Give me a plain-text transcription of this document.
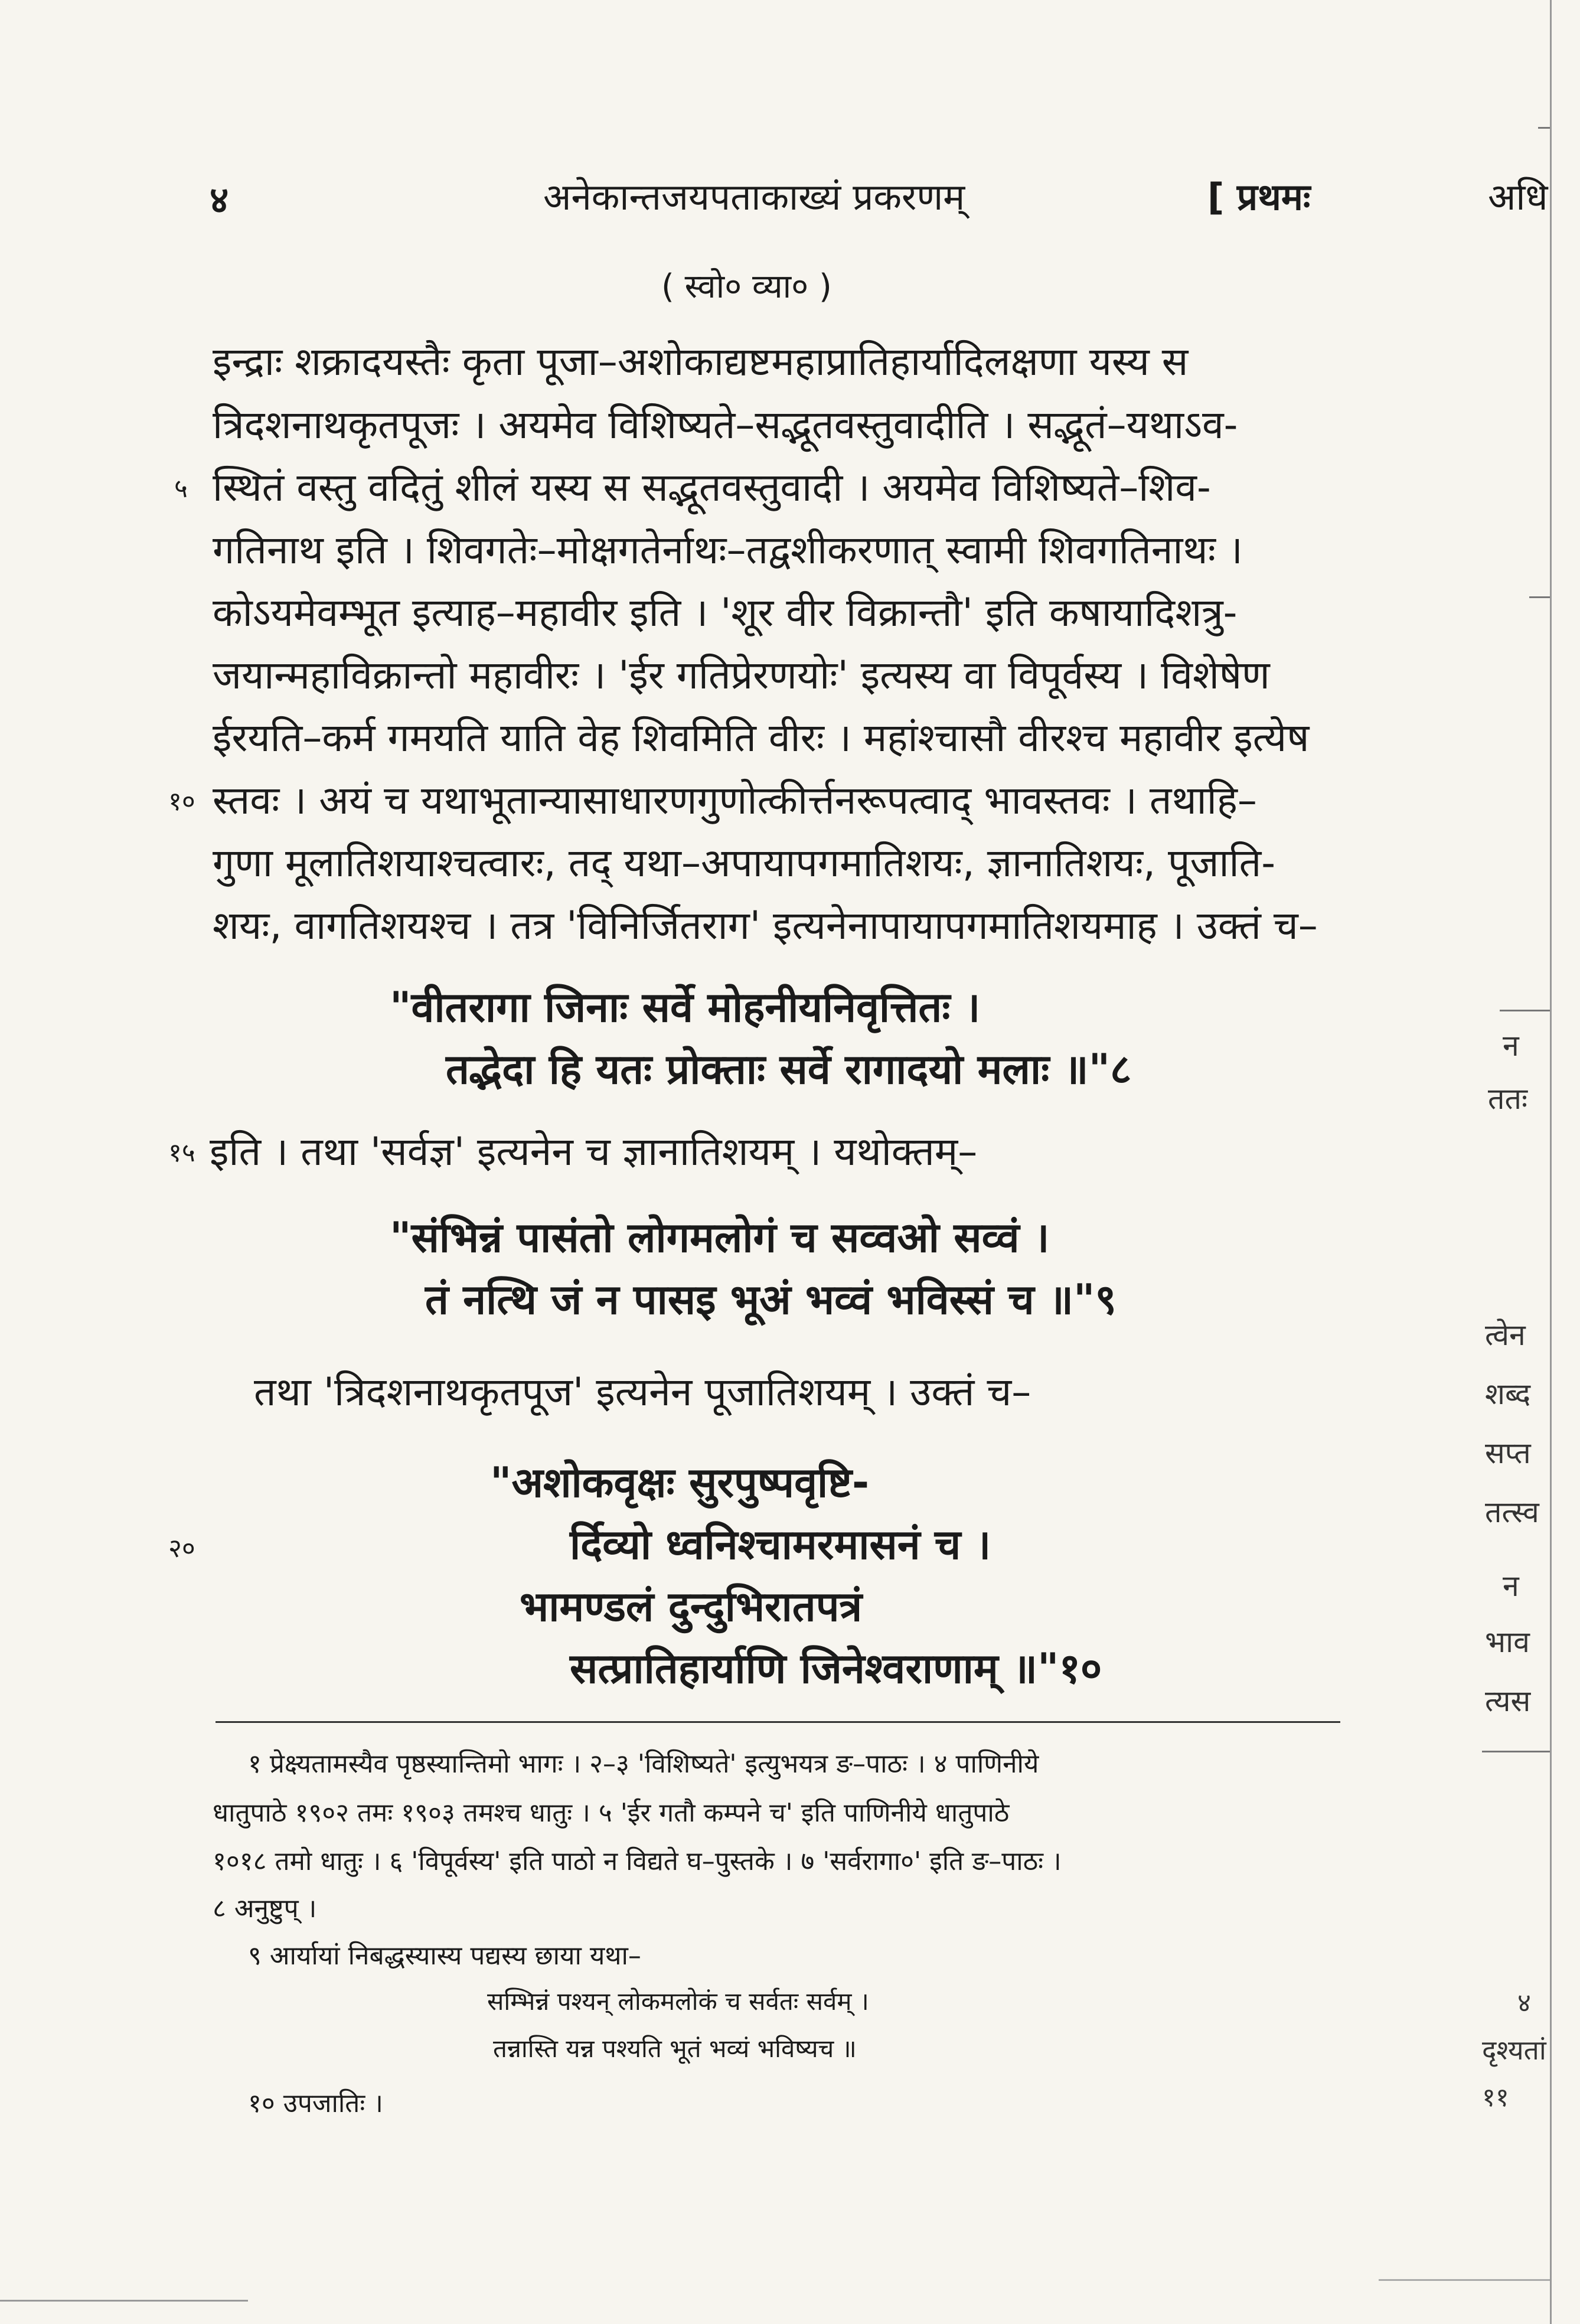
४	अनेकान्तजयपताकाख्यं प्रकरणम्	[ प्रथमः	अधि
( स्वो० व्या० )
इन्द्राः शक्रादयस्तैः कृता पूजा–अशोकाद्यष्टमहाप्रातिहार्यादिलक्षणा यस्य स
त्रिदशनाथकृतपूजः । अयमेव विशिष्यते–सद्भूतवस्तुवादीति । सद्भूतं–यथाऽव-
५ स्थितं वस्तु वदितुं शीलं यस्य स सद्भूतवस्तुवादी । अयमेव विशिष्यते–शिव-
गतिनाथ इति । शिवगतेः–मोक्षगतेर्नाथः–तद्वशीकरणात् स्वामी शिवगतिनाथः ।
कोऽयमेवम्भूत इत्याह–महावीर इति । 'शूर वीर विक्रान्तौ' इति कषायादिशत्रु-
जयान्महाविक्रान्तो महावीरः । 'ईर गतिप्रेरणयोः' इत्यस्य वा विपूर्वस्य । विशेषेण
ईरयति–कर्म गमयति याति वेह शिवमिति वीरः । महांश्चासौ वीरश्च महावीर इत्येष
१० स्तवः । अयं च यथाभूतान्यासाधारणगुणोत्कीर्त्तनरूपत्वाद् भावस्तवः । तथाहि–
गुणा मूलातिशयाश्चत्वारः, तद् यथा–अपायापगमातिशयः, ज्ञानातिशयः, पूजाति-
शयः, वागतिशयश्च । तत्र 'विनिर्जितराग' इत्यनेनापायापगमातिशयमाह । उक्तं च–
"वीतरागा जिनाः सर्वे मोहनीयनिवृत्तितः ।
तद्भेदा हि यतः प्रोक्ताः सर्वे रागादयो मलाः ॥"८
१५ इति । तथा 'सर्वज्ञ' इत्यनेन च ज्ञानातिशयम् । यथोक्तम्–
"संभिन्नं पासंतो लोगमलोगं च सव्वओ सव्वं ।
तं नत्थि जं न पासइ भूअं भव्वं भविस्सं च ॥"९
तथा 'त्रिदशनाथकृतपूज' इत्यनेन पूजातिशयम् । उक्तं च–
"अशोकवृक्षः सुरपुष्पवृष्टि-
२०	र्दिव्यो ध्वनिश्चामरमासनं च ।
भामण्डलं दुन्दुभिरातपत्रं
सत्प्रातिहार्याणि जिनेश्वराणाम् ॥"१०
१ प्रेक्ष्यतामस्यैव पृष्ठस्यान्तिमो भागः । २–३ 'विशिष्यते' इत्युभयत्र ङ–पाठः । ४ पाणिनीये
धातुपाठे १९०२ तमः १९०३ तमश्च धातुः । ५ 'ईर गतौ कम्पने च' इति पाणिनीये धातुपाठे
१०१८ तमो धातुः । ६ 'विपूर्वस्य' इति पाठो न विद्यते घ–पुस्तके । ७ 'सर्वरागा०' इति ङ–पाठः ।
८ अनुष्टुप् ।
९ आर्यायां निबद्धस्यास्य पद्यस्य छाया यथा–
सम्भिन्नं पश्यन् लोकमलोकं च सर्वतः सर्वम् ।
तन्नास्ति यन्न पश्यति भूतं भव्यं भविष्यच ॥
१० उपजातिः ।
न
ततः
त्वेन
शब्द
सप्त
तत्स्व
न
भाव
त्यस
४
दृश्यतां
११
